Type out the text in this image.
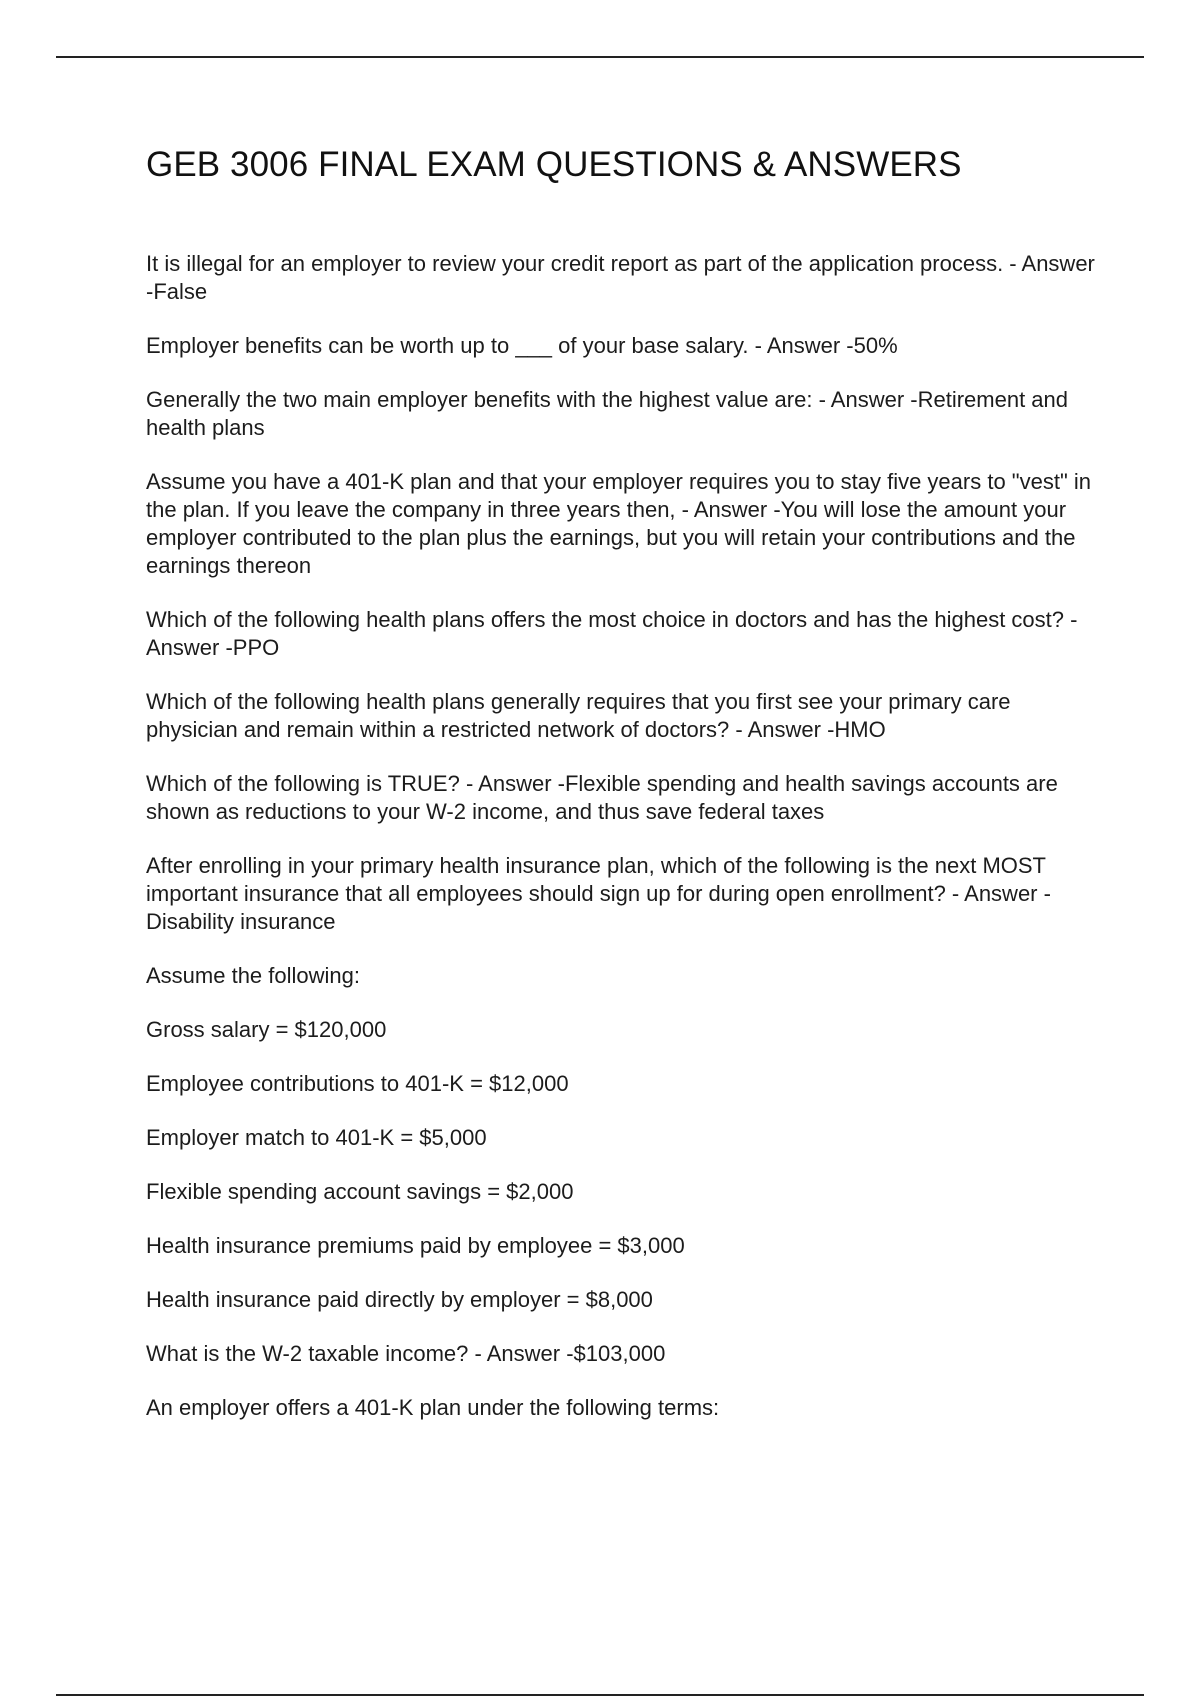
GEB 3006 FINAL EXAM QUESTIONS & ANSWERS

It is illegal for an employer to review your credit report as part of the application process. - Answer -False

Employer benefits can be worth up to ___ of your base salary. - Answer -50%

Generally the two main employer benefits with the highest value are: - Answer -Retirement and health plans

Assume you have a 401-K plan and that your employer requires you to stay five years to "vest" in the plan. If you leave the company in three years then, - Answer -You will lose the amount your employer contributed to the plan plus the earnings, but you will retain your contributions and the earnings thereon

Which of the following health plans offers the most choice in doctors and has the highest cost? - Answer -PPO

Which of the following health plans generally requires that you first see your primary care physician and remain within a restricted network of doctors? - Answer -HMO

Which of the following is TRUE? - Answer -Flexible spending and health savings accounts are shown as reductions to your W-2 income, and thus save federal taxes

After enrolling in your primary health insurance plan, which of the following is the next MOST important insurance that all employees should sign up for during open enrollment? - Answer -Disability insurance

Assume the following:

Gross salary = $120,000

Employee contributions to 401-K = $12,000

Employer match to 401-K = $5,000

Flexible spending account savings = $2,000

Health insurance premiums paid by employee = $3,000

Health insurance paid directly by employer = $8,000

What is the W-2 taxable income? - Answer -$103,000

An employer offers a 401-K plan under the following terms:
